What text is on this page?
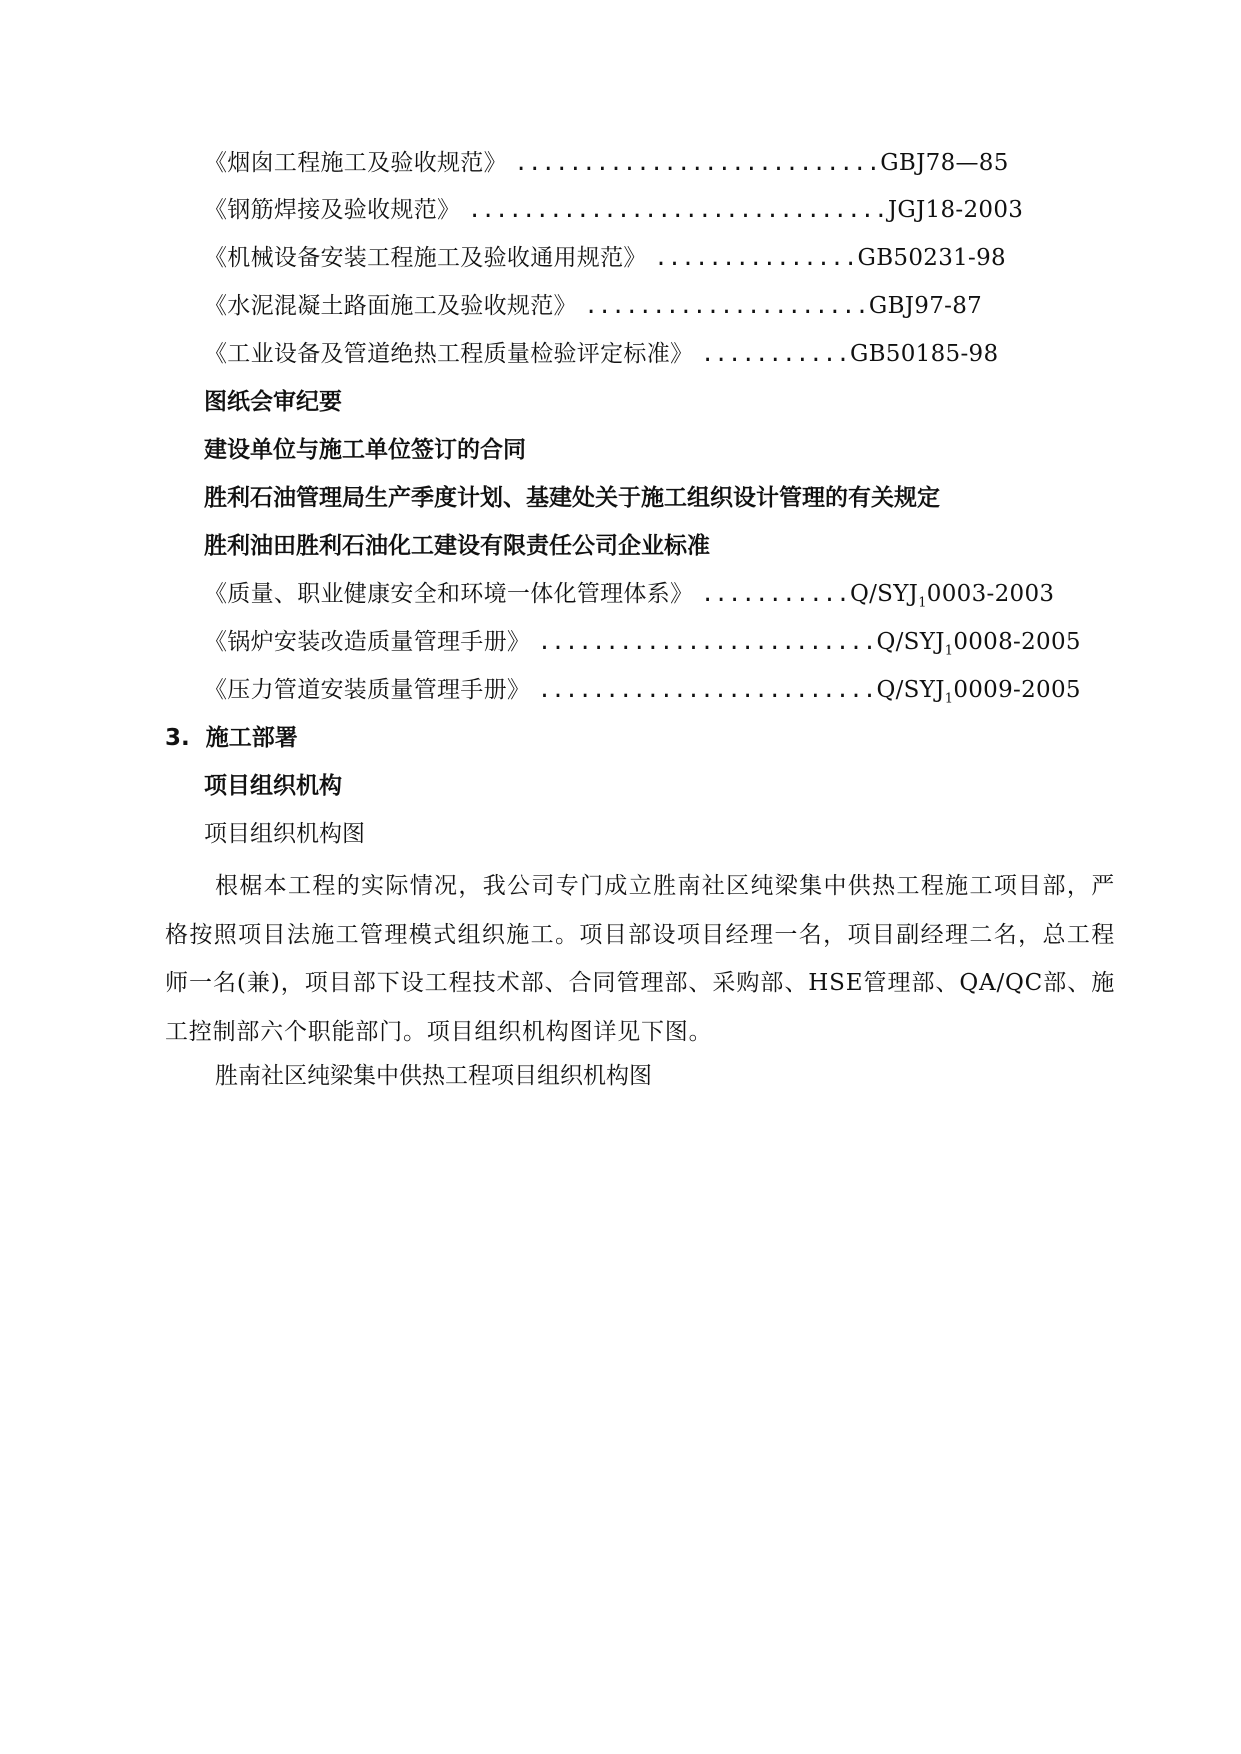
《烟囱工程施工及验收规范》 ...........................GBJ78—85
《钢筋焊接及验收规范》 ...............................JGJ18-2003
《机械设备安装工程施工及验收通用规范》 ...............GB50231-98
《水泥混凝土路面施工及验收规范》 .....................GBJ97-87
《工业设备及管道绝热工程质量检验评定标准》 ...........GB50185-98
图纸会审纪要
建设单位与施工单位签订的合同
胜利石油管理局生产季度计划、基建处关于施工组织设计管理的有关规定
胜利油田胜利石油化工建设有限责任公司企业标准
《质量、职业健康安全和环境一体化管理体系》 $...........Q/SYJ_10003-2003$
《锅炉安装改造质量管理手册》 $.........................Q/SYJ_10008-2005$
《压力管道安装质量管理手册》 $.........................Q/SYJ_10009-2005$
3. 施工部署
项目组织机构
项目组织机构图
根椐本工程的实际情况，我公司专门成立胜南社区纯梁集中供热工程施工项目部，严格按照项目法施工管理模式组织施工。项目部设项目经理一名，项目副经理二名，总工程师一名(兼)，项目部下设工程技术部、合同管理部、采购部、HSE管理部、QA/QC部、施工控制部六个职能部门。项目组织机构图详见下图。
胜南社区纯梁集中供热工程项目组织机构图
